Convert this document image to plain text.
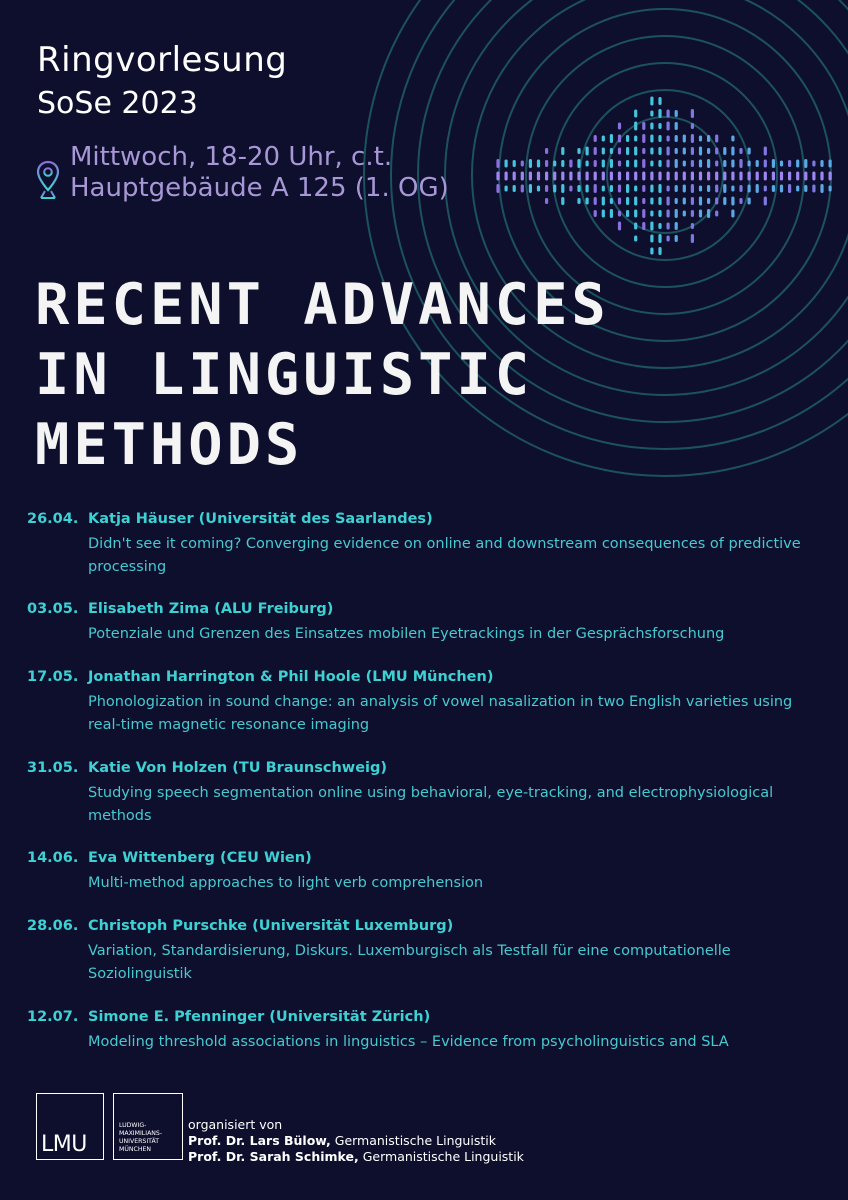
Ringvorlesung
SoSe 2023
Mittwoch, 18-20 Uhr, c.t.
Hauptgebäude A 125 (1. OG)
RECENT ADVANCES
IN LINGUISTIC
METHODS
26.04. Katja Häuser (Universität des Saarlandes)
Didn't see it coming? Converging evidence on online and downstream consequences of predictive processing
03.05. Elisabeth Zima (ALU Freiburg)
Potenziale und Grenzen des Einsatzes mobilen Eyetrackings in der Gesprächsforschung
17.05. Jonathan Harrington & Phil Hoole (LMU München)
Phonologization in sound change: an analysis of vowel nasalization in two English varieties using real-time magnetic resonance imaging
31.05. Katie Von Holzen (TU Braunschweig)
Studying speech segmentation online using behavioral, eye-tracking, and electrophysiological methods
14.06. Eva Wittenberg (CEU Wien)
Multi-method approaches to light verb comprehension
28.06. Christoph Purschke (Universität Luxemburg)
Variation, Standardisierung, Diskurs. Luxemburgisch als Testfall für eine computationelle Soziolinguistik
12.07. Simone E. Pfenninger (Universität Zürich)
Modeling threshold associations in linguistics – Evidence from psycholinguistics and SLA
LMU
LUDWIG-
MAXIMILIANS-
UNIVERSITÄT
MÜNCHEN
organisiert von
Prof. Dr. Lars Bülow, Germanistische Linguistik
Prof. Dr. Sarah Schimke, Germanistische Linguistik
